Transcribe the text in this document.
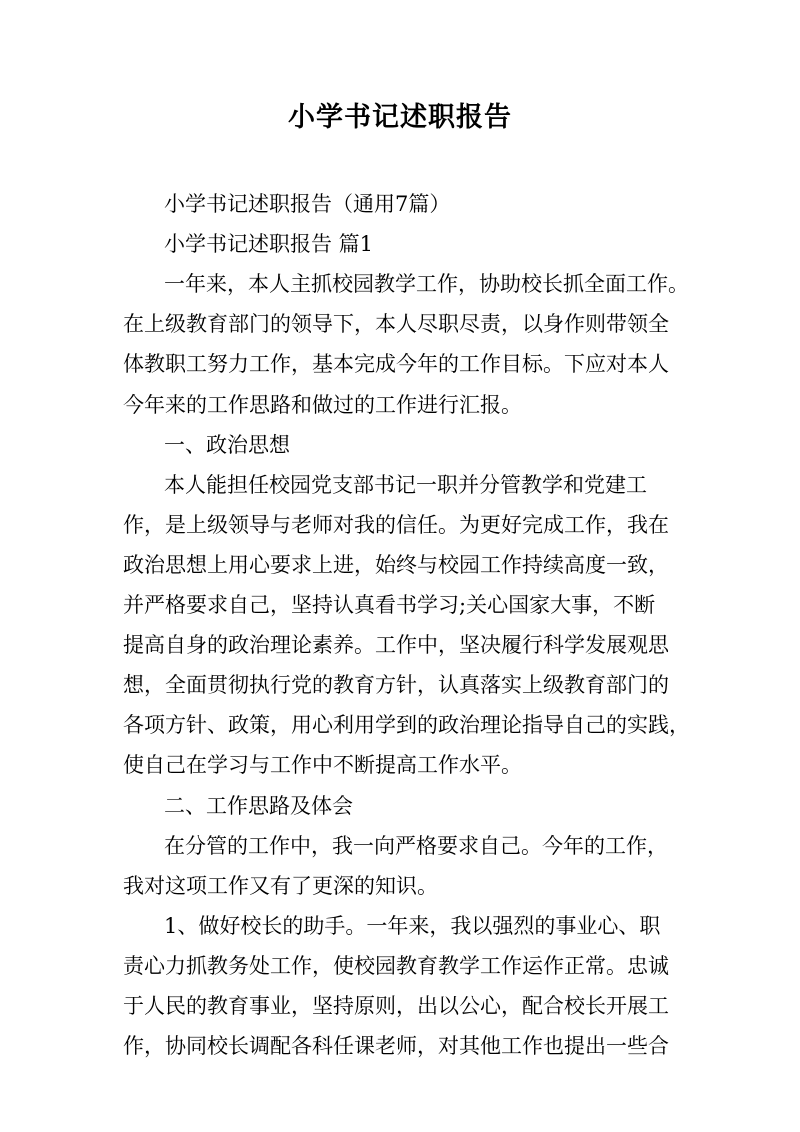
小学书记述职报告
小学书记述职报告（通用7篇）
小学书记述职报告 篇1
一年来，本人主抓校园教学工作，协助校长抓全面工作。
在上级教育部门的领导下，本人尽职尽责，以身作则带领全
体教职工努力工作，基本完成今年的工作目标。下应对本人
今年来的工作思路和做过的工作进行汇报。
一、政治思想
本人能担任校园党支部书记一职并分管教学和党建工
作，是上级领导与老师对我的信任。为更好完成工作，我在
政治思想上用心要求上进，始终与校园工作持续高度一致，
并严格要求自己，坚持认真看书学习;关心国家大事，不断
提高自身的政治理论素养。工作中，坚决履行科学发展观思
想，全面贯彻执行党的教育方针，认真落实上级教育部门的
各项方针、政策，用心利用学到的政治理论指导自己的实践，
使自己在学习与工作中不断提高工作水平。
二、工作思路及体会
在分管的工作中，我一向严格要求自己。今年的工作，
我对这项工作又有了更深的知识。
1、做好校长的助手。一年来，我以强烈的事业心、职
责心力抓教务处工作，使校园教育教学工作运作正常。忠诚
于人民的教育事业，坚持原则，出以公心，配合校长开展工
作，协同校长调配各科任课老师，对其他工作也提出一些合
